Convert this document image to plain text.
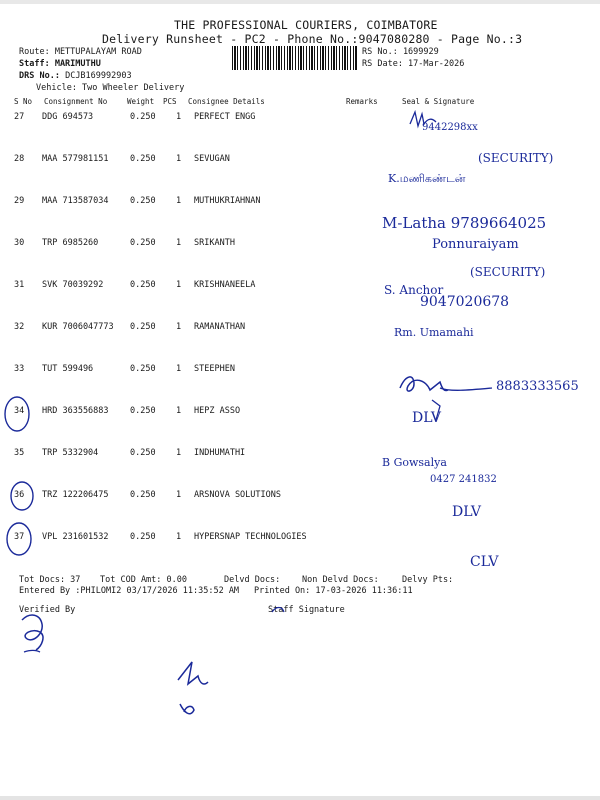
THE PROFESSIONAL COURIERS, COIMBATORE
Delivery Runsheet - PC2 - Phone No.:9047080280 - Page No.:3
Route: METTUPALAYAM ROAD
Staff: MARIMUTHU
DRS No.: DCJB169992903
Vehicle: Two Wheeler Delivery
RS No.: 1699929
RS Date: 17-Mar-2026
S No Consignment No	Weight PCS Consignee Details	Remarks	Seal & Signature
27 DDG 694573	0.250 1 PERFECT ENGG
28 MAA 577981151	0.250 1 SEVUGAN
29 MAA 713587034	0.250 1 MUTHUKRIAHNAN
30 TRP 6985260	0.250 1 SRIKANTH
31 SVK 70039292	0.250 1 KRISHNANEELA
32 KUR 7006047773 0.250 1 RAMANATHAN
33 TUT 599496	0.250 1 STEEPHEN
34 HRD 363556883	0.250 1 HEPZ ASSO
35 TRP 5332904	0.250 1 INDHUMATHI
36 TRZ 122206475	0.250 1 ARSNOVA SOLUTIONS
37 VPL 231601532	0.250 1 HYPERSNAP TECHNOLOGIES
Tot Docs: 37 Tot COD Amt: 0.00	Delvd Docs:	Non Delvd Docs:	Delvy Pts:
Entered By :PHILOMI2 03/17/2026 11:35:52 AM Printed On: 17-03-2026 11:36:11
Verified By	Staff Signature
9442298xx
(SECURITY)
K.மணிகண்டன்
M-Latha 9789664025
Ponnuraiyam
(SECURITY)
S. Anchor
9047020678
Rm. Umamahi
8883333565
DLV
B Gowsalya
0427 241832
DLV
CLV
